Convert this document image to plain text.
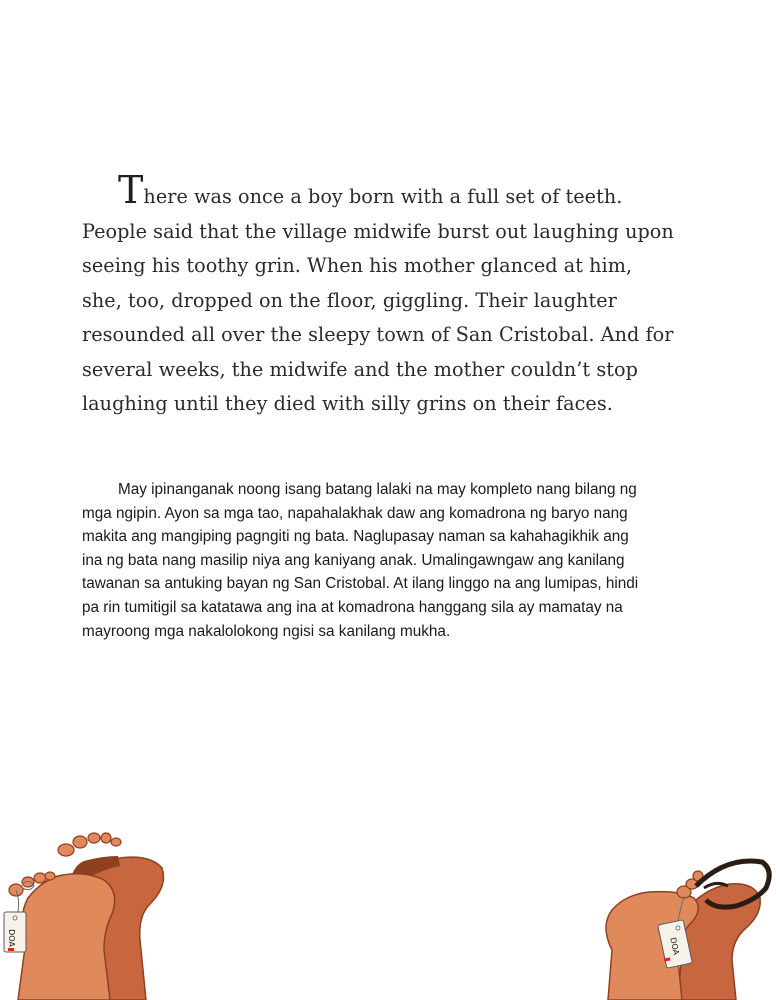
There was once a boy born with a full set of teeth.
People said that the village midwife burst out laughing upon
seeing his toothy grin. When his mother glanced at him,
she, too, dropped on the floor, giggling. Their laughter
resounded all over the sleepy town of San Cristobal. And for
several weeks, the midwife and the mother couldn’t stop
laughing until they died with silly grins on their faces.
May ipinanganak noong isang batang lalaki na may kompleto nang bilang ng
mga ngipin. Ayon sa mga tao, napahalakhak daw ang komadrona ng baryo nang
makita ang mangiping pagngiti ng bata. Naglupasay naman sa kahahagikhik ang
ina ng bata nang masilip niya ang kaniyang anak. Umalingawngaw ang kanilang
tawanan sa antuking bayan ng San Cristobal. At ilang linggo na ang lumipas, hindi
pa rin tumitigil sa katatawa ang ina at komadrona hanggang sila ay mamatay na
mayroong mga nakalolokong ngisi sa kanilang mukha.
DOA	DOA
